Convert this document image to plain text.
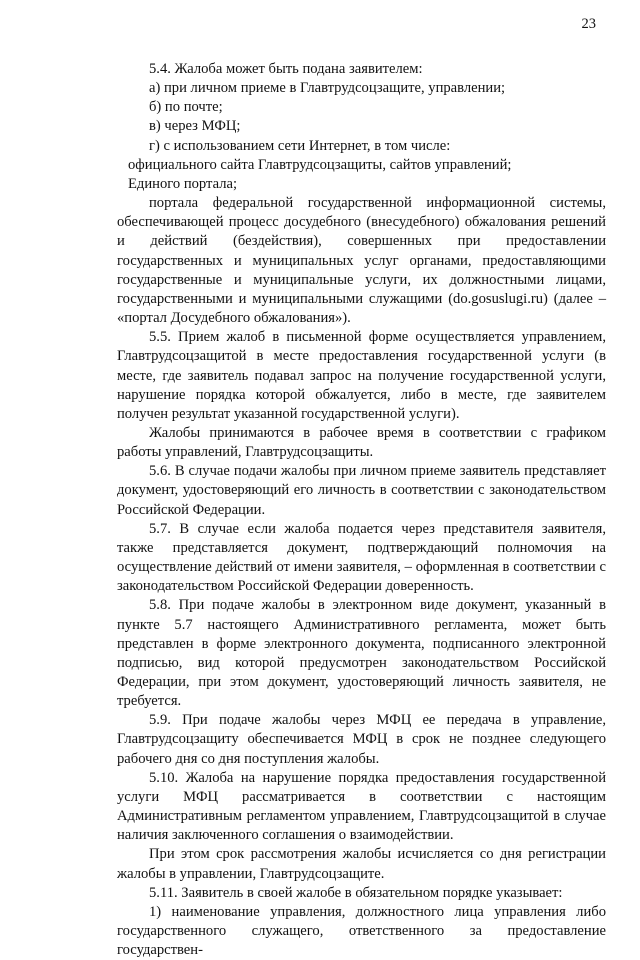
23

5.4. Жалоба может быть подана заявителем:

а) при личном приеме в Главтрудсоцзащите, управлении;

б) по почте;

в) через МФЦ;

г) с использованием сети Интернет, в том числе:

официального сайта Главтрудсоцзащиты, сайтов управлений;

Единого портала;

портала федеральной государственной информационной системы, обеспечивающей процесс досудебного (внесудебного) обжалования решений и действий (бездействия), совершенных при предоставлении государственных и муниципальных услуг органами, предоставляющими государственные и муниципальные услуги, их должностными лицами, государственными и муниципальными служащими (do.gosuslugi.ru) (далее – «портал Досудебного обжалования»).

5.5. Прием жалоб в письменной форме осуществляется управлением, Главтрудсоцзащитой в месте предоставления государственной услуги (в месте, где заявитель подавал запрос на получение государственной услуги, нарушение порядка которой обжалуется, либо в месте, где заявителем получен результат указанной государственной услуги).

Жалобы принимаются в рабочее время в соответствии с графиком работы управлений, Главтрудсоцзащиты.

5.6. В случае подачи жалобы при личном приеме заявитель представляет документ, удостоверяющий его личность в соответствии с законодательством Российской Федерации.

5.7. В случае если жалоба подается через представителя заявителя, также представляется документ, подтверждающий полномочия на осуществление действий от имени заявителя, – оформленная в соответствии с законодательством Российской Федерации доверенность.

5.8. При подаче жалобы в электронном виде документ, указанный в пункте 5.7 настоящего Административного регламента, может быть представлен в форме электронного документа, подписанного электронной подписью, вид которой предусмотрен законодательством Российской Федерации, при этом документ, удостоверяющий личность заявителя, не требуется.

5.9. При подаче жалобы через МФЦ ее передача в управление, Главтрудсоцзащиту обеспечивается МФЦ в срок не позднее следующего рабочего дня со дня поступления жалобы.

5.10. Жалоба на нарушение порядка предоставления государственной услуги МФЦ рассматривается в соответствии с настоящим Административным регламентом управлением, Главтрудсоцзащитой в случае наличия заключенного соглашения о взаимодействии.

При этом срок рассмотрения жалобы исчисляется со дня регистрации жалобы в управлении, Главтрудсоцзащите.

5.11. Заявитель в своей жалобе в обязательном порядке указывает:

1) наименование управления, должностного лица управления либо государственного служащего, ответственного за предоставление государствен-
